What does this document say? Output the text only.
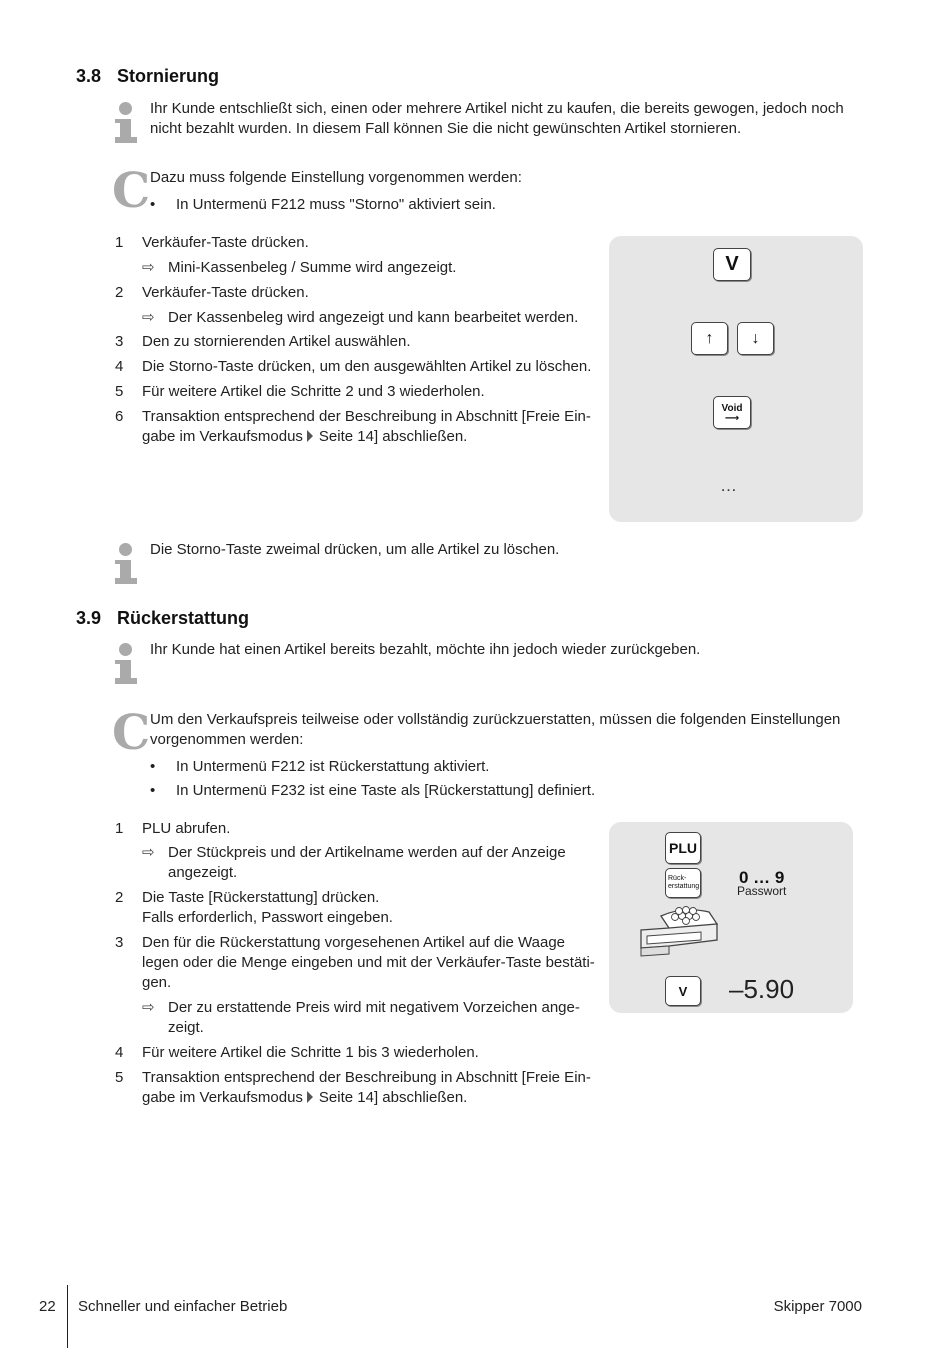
3.8 Stornierung
Ihr Kunde entschließt sich, einen oder mehrere Artikel nicht zu kaufen, die bereits gewogen, jedoch noch nicht bezahlt wurden. In diesem Fall können Sie die nicht gewünschten Artikel stornieren.
C Dazu muss folgende Einstellung vorgenommen werden:
• In Untermenü F212 muss "Storno" aktiviert sein.
1 Verkäufer-Taste drücken.
⇨ Mini-Kassenbeleg / Summe wird angezeigt.
2 Verkäufer-Taste drücken.
⇨ Der Kassenbeleg wird angezeigt und kann bearbeitet werden.
3 Den zu stornierenden Artikel auswählen.
4 Die Storno-Taste drücken, um den ausgewählten Artikel zu löschen.
5 Für weitere Artikel die Schritte 2 und 3 wiederholen.
6 Transaktion entsprechend der Beschreibung in Abschnitt [Freie Ein-
gabe im Verkaufsmodus Seite 14] abschließen.
V
↑	↓
Void
⟶
…
Die Storno-Taste zweimal drücken, um alle Artikel zu löschen.
3.9 Rückerstattung
Ihr Kunde hat einen Artikel bereits bezahlt, möchte ihn jedoch wieder zurückgeben.
C Um den Verkaufspreis teilweise oder vollständig zurückzuerstatten, müssen die folgenden Einstellungen
vorgenommen werden:
• In Untermenü F212 ist Rückerstattung aktiviert.
• In Untermenü F232 ist eine Taste als [Rückerstattung] definiert.
1 PLU abrufen.
⇨ Der Stückpreis und der Artikelname werden auf der Anzeige
angezeigt.
2 Die Taste [Rückerstattung] drücken.
Falls erforderlich, Passwort eingeben.
3 Den für die Rückerstattung vorgesehenen Artikel auf die Waage
legen oder die Menge eingeben und mit der Verkäufer-Taste bestäti-
gen.
⇨ Der zu erstattende Preis wird mit negativem Vorzeichen ange-
zeigt.
4 Für weitere Artikel die Schritte 1 bis 3 wiederholen.
5 Transaktion entsprechend der Beschreibung in Abschnitt [Freie Ein-
gabe im Verkaufsmodus Seite 14] abschließen.
PLU
Rück-
erstattung 0 … 9
Passwort
V	–5.90
22 Schneller und einfacher Betrieb	Skipper 7000
